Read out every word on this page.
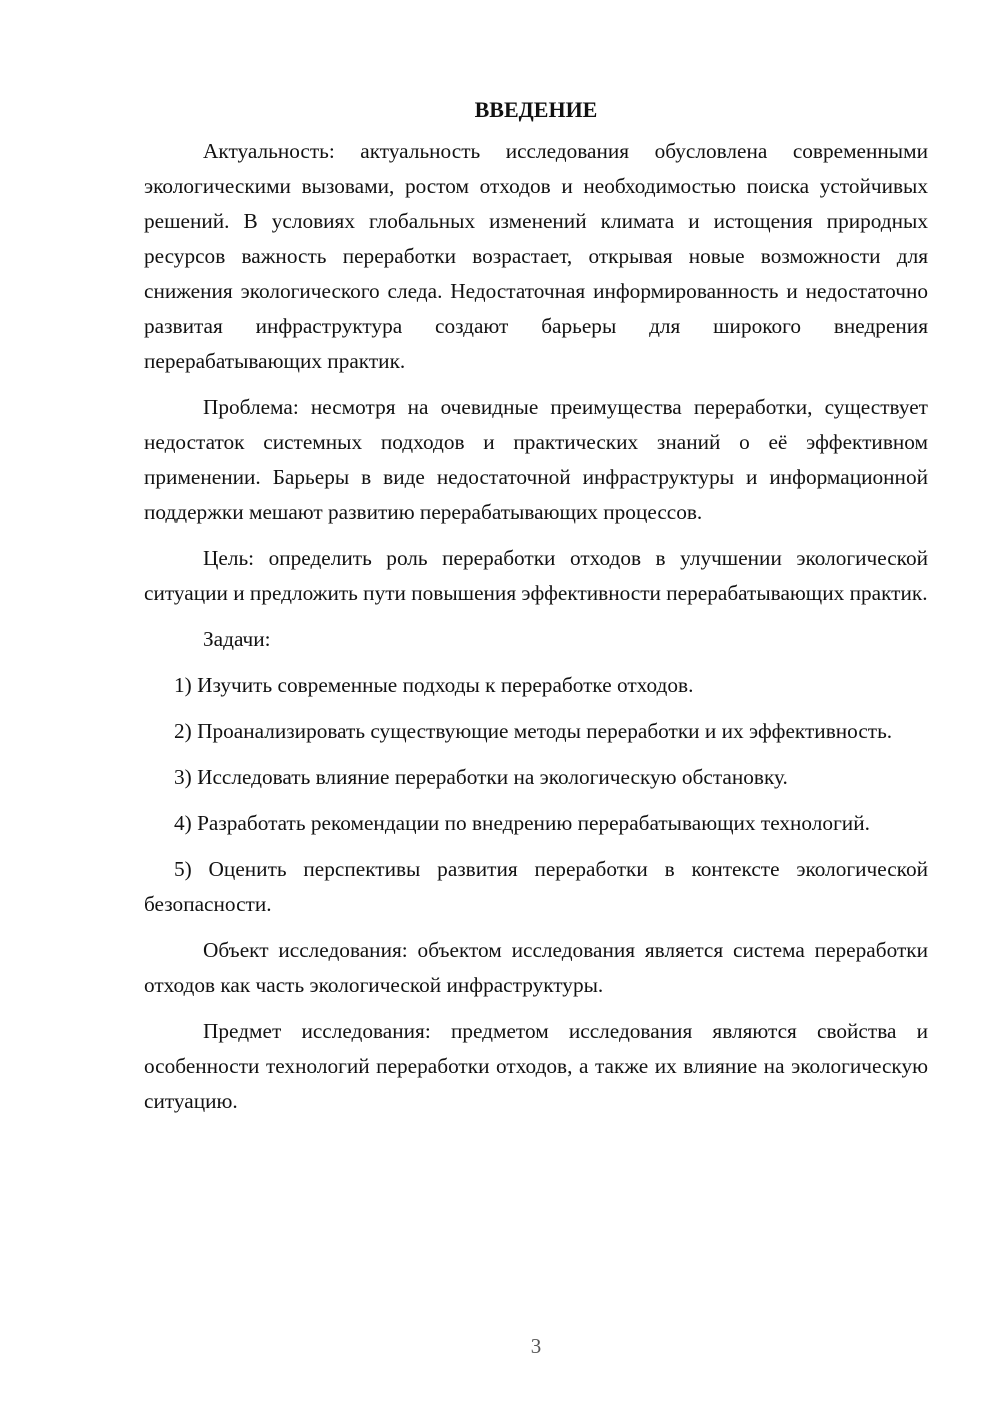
ВВЕДЕНИЕ

Актуальность: актуальность исследования обусловлена современными экологическими вызовами, ростом отходов и необходимостью поиска устойчивых решений. В условиях глобальных изменений климата и истощения природных ресурсов важность переработки возрастает, открывая новые возможности для снижения экологического следа. Недостаточная информированность и недостаточно развитая инфраструктура создают барьеры для широкого внедрения перерабатывающих практик.

Проблема: несмотря на очевидные преимущества переработки, существует недостаток системных подходов и практических знаний о её эффективном применении. Барьеры в виде недостаточной инфраструктуры и информационной поддержки мешают развитию перерабатывающих процессов.

Цель: определить роль переработки отходов в улучшении экологической ситуации и предложить пути повышения эффективности перерабатывающих практик.

Задачи:

1) Изучить современные подходы к переработке отходов.

2) Проанализировать существующие методы переработки и их эффективность.

3) Исследовать влияние переработки на экологическую обстановку.

4) Разработать рекомендации по внедрению перерабатывающих технологий.

5) Оценить перспективы развития переработки в контексте экологической безопасности.

Объект исследования: объектом исследования является система переработки отходов как часть экологической инфраструктуры.

Предмет исследования: предметом исследования являются свойства и особенности технологий переработки отходов, а также их влияние на экологическую ситуацию.

3
